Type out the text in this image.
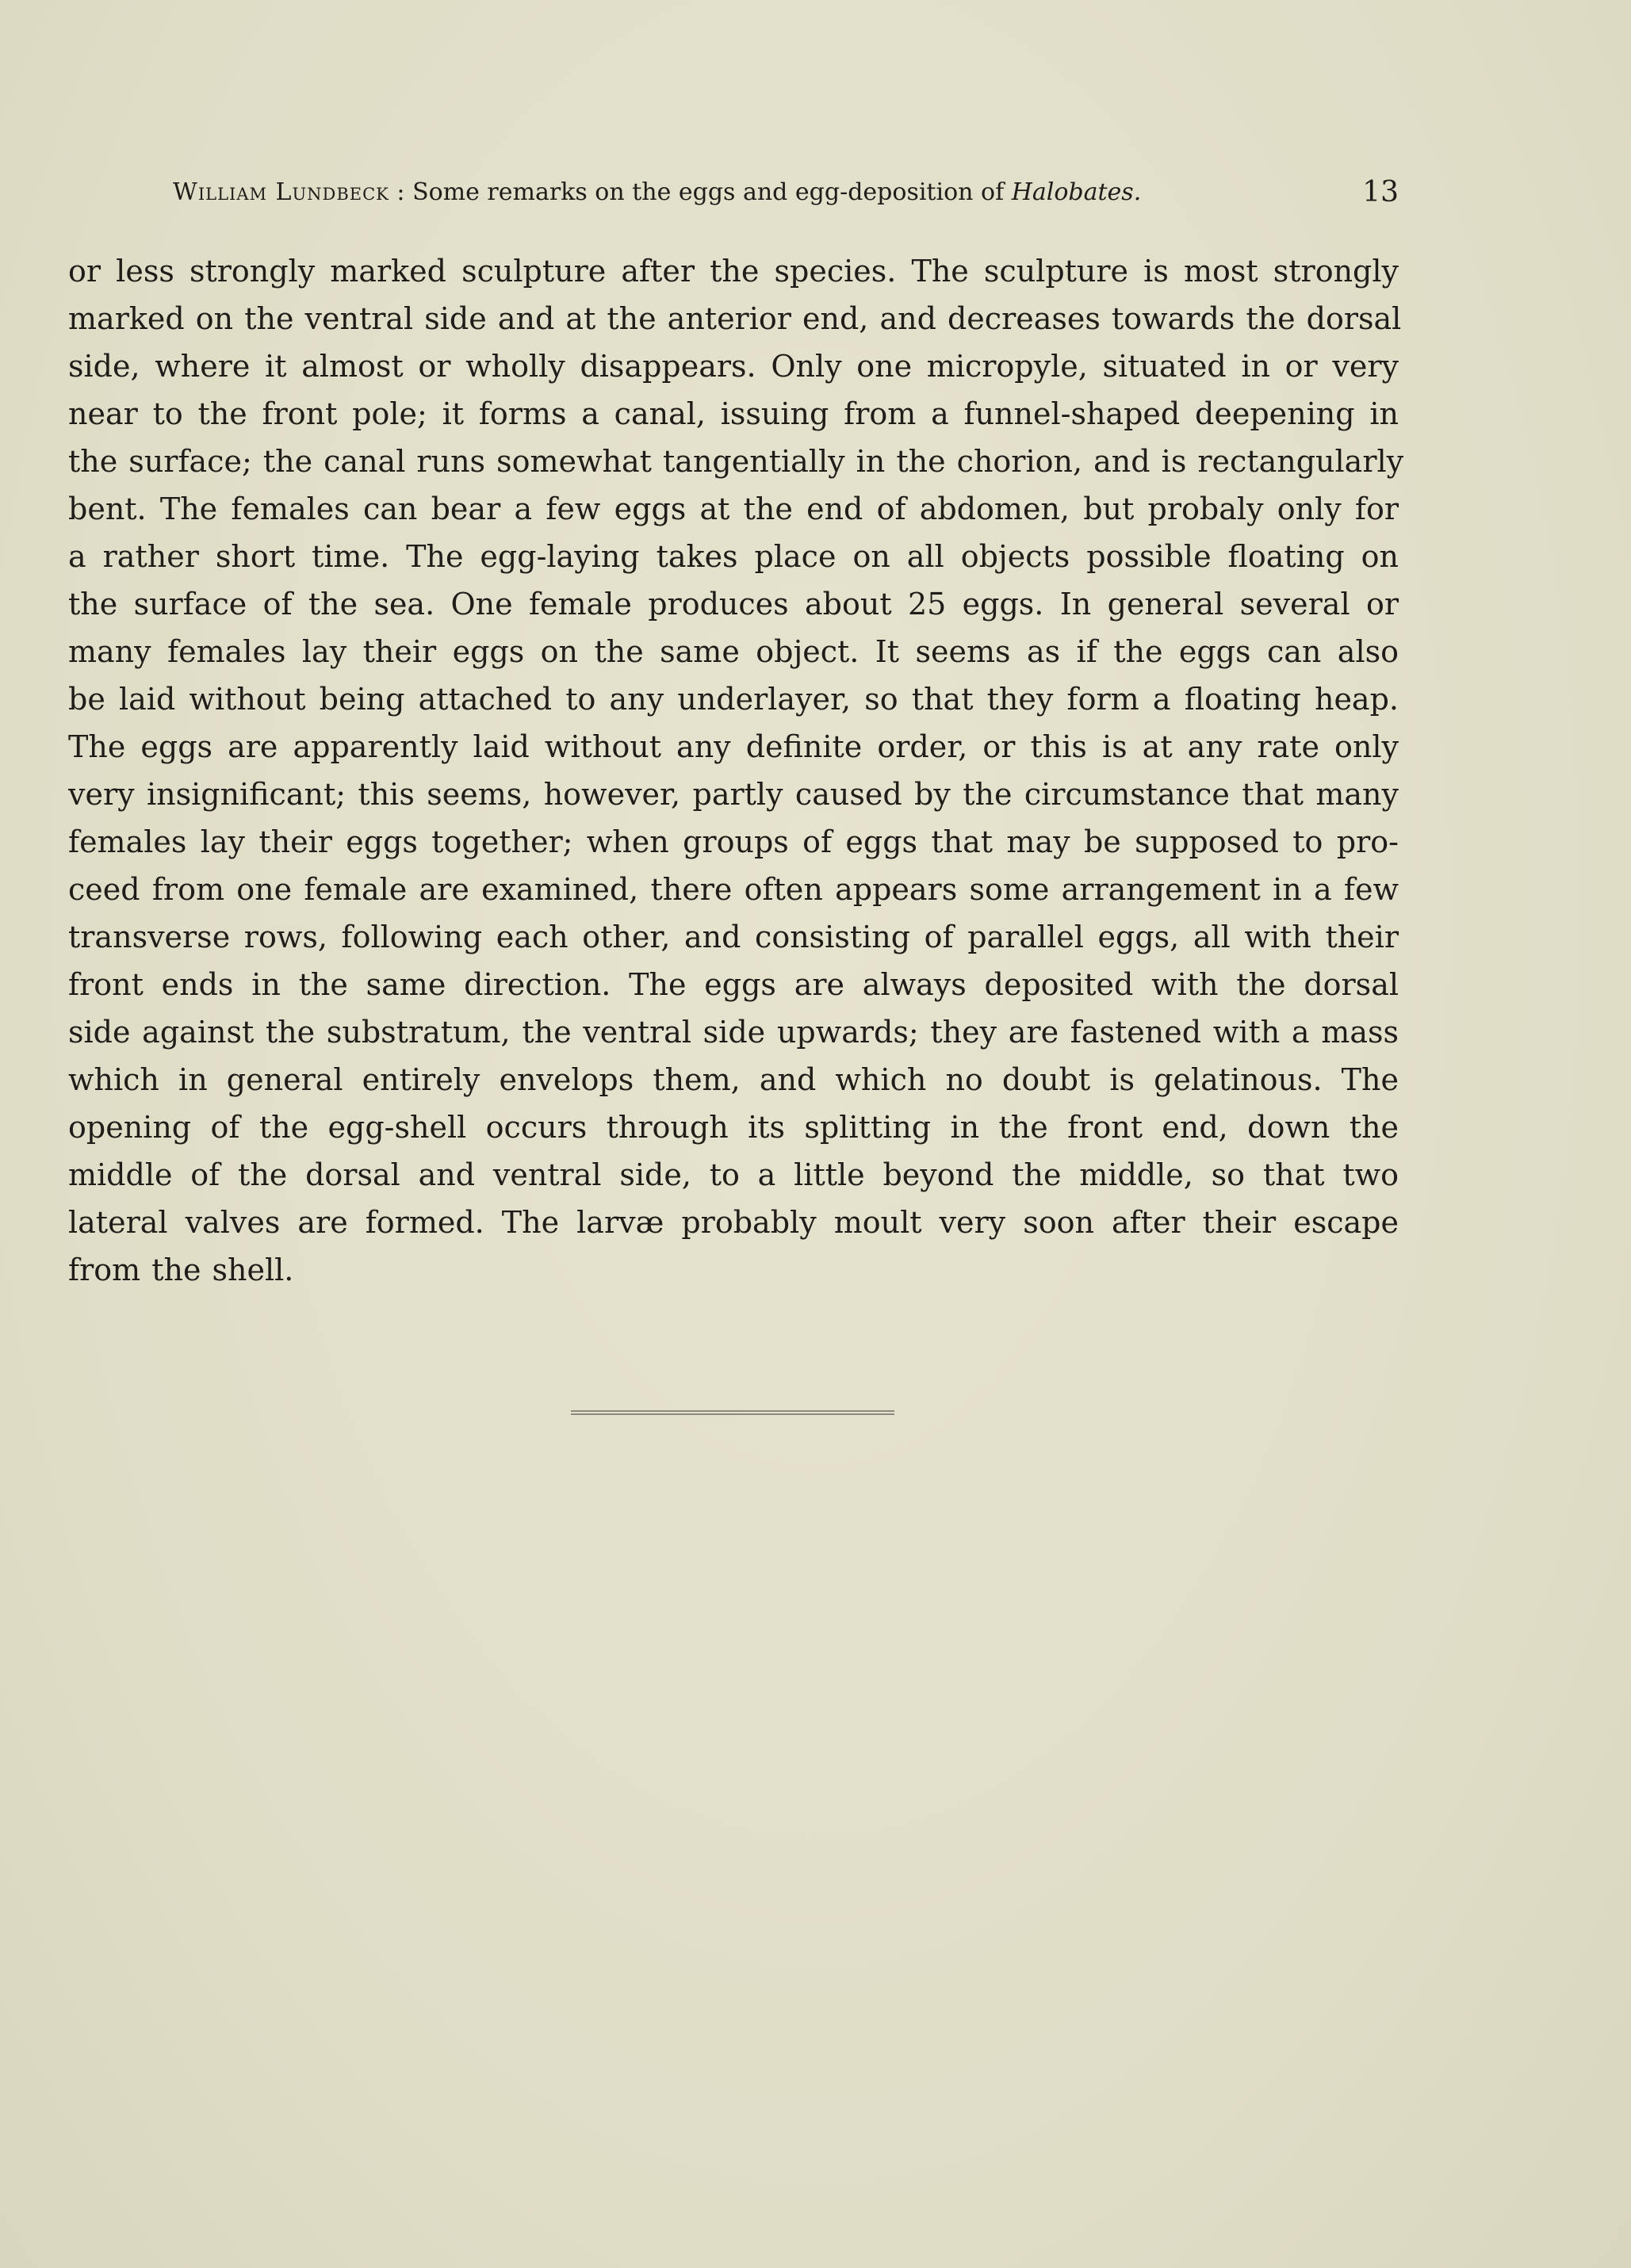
William Lundbeck : Some remarks on the eggs and egg-deposition of Halobates.	13
or less strongly marked sculpture after the species. The sculpture is most strongly
marked on the ventral side and at the anterior end, and decreases towards the dorsal
side, where it almost or wholly disappears. Only one micropyle, situated in or very
near to the front pole; it forms a canal, issuing from a funnel-shaped deepening in
the surface; the canal runs somewhat tangentially in the chorion, and is rectangularly
bent. The females can bear a few eggs at the end of abdomen, but probaly only for
a rather short time. The egg-laying takes place on all objects possible floating on
the surface of the sea. One female produces about 25 eggs. In general several or
many females lay their eggs on the same object. It seems as if the eggs can also
be laid without being attached to any underlayer, so that they form a floating heap.
The eggs are apparently laid without any definite order, or this is at any rate only
very insignificant; this seems, however, partly caused by the circumstance that many
females lay their eggs together; when groups of eggs that may be supposed to pro-
ceed from one female are examined, there often appears some arrangement in a few
transverse rows, following each other, and consisting of parallel eggs, all with their
front ends in the same direction. The eggs are always deposited with the dorsal
side against the substratum, the ventral side upwards; they are fastened with a mass
which in general entirely envelops them, and which no doubt is gelatinous. The
opening of the egg-shell occurs through its splitting in the front end, down the
middle of the dorsal and ventral side, to a little beyond the middle, so that two
lateral valves are formed. The larvæ probably moult very soon after their escape
from the shell.
